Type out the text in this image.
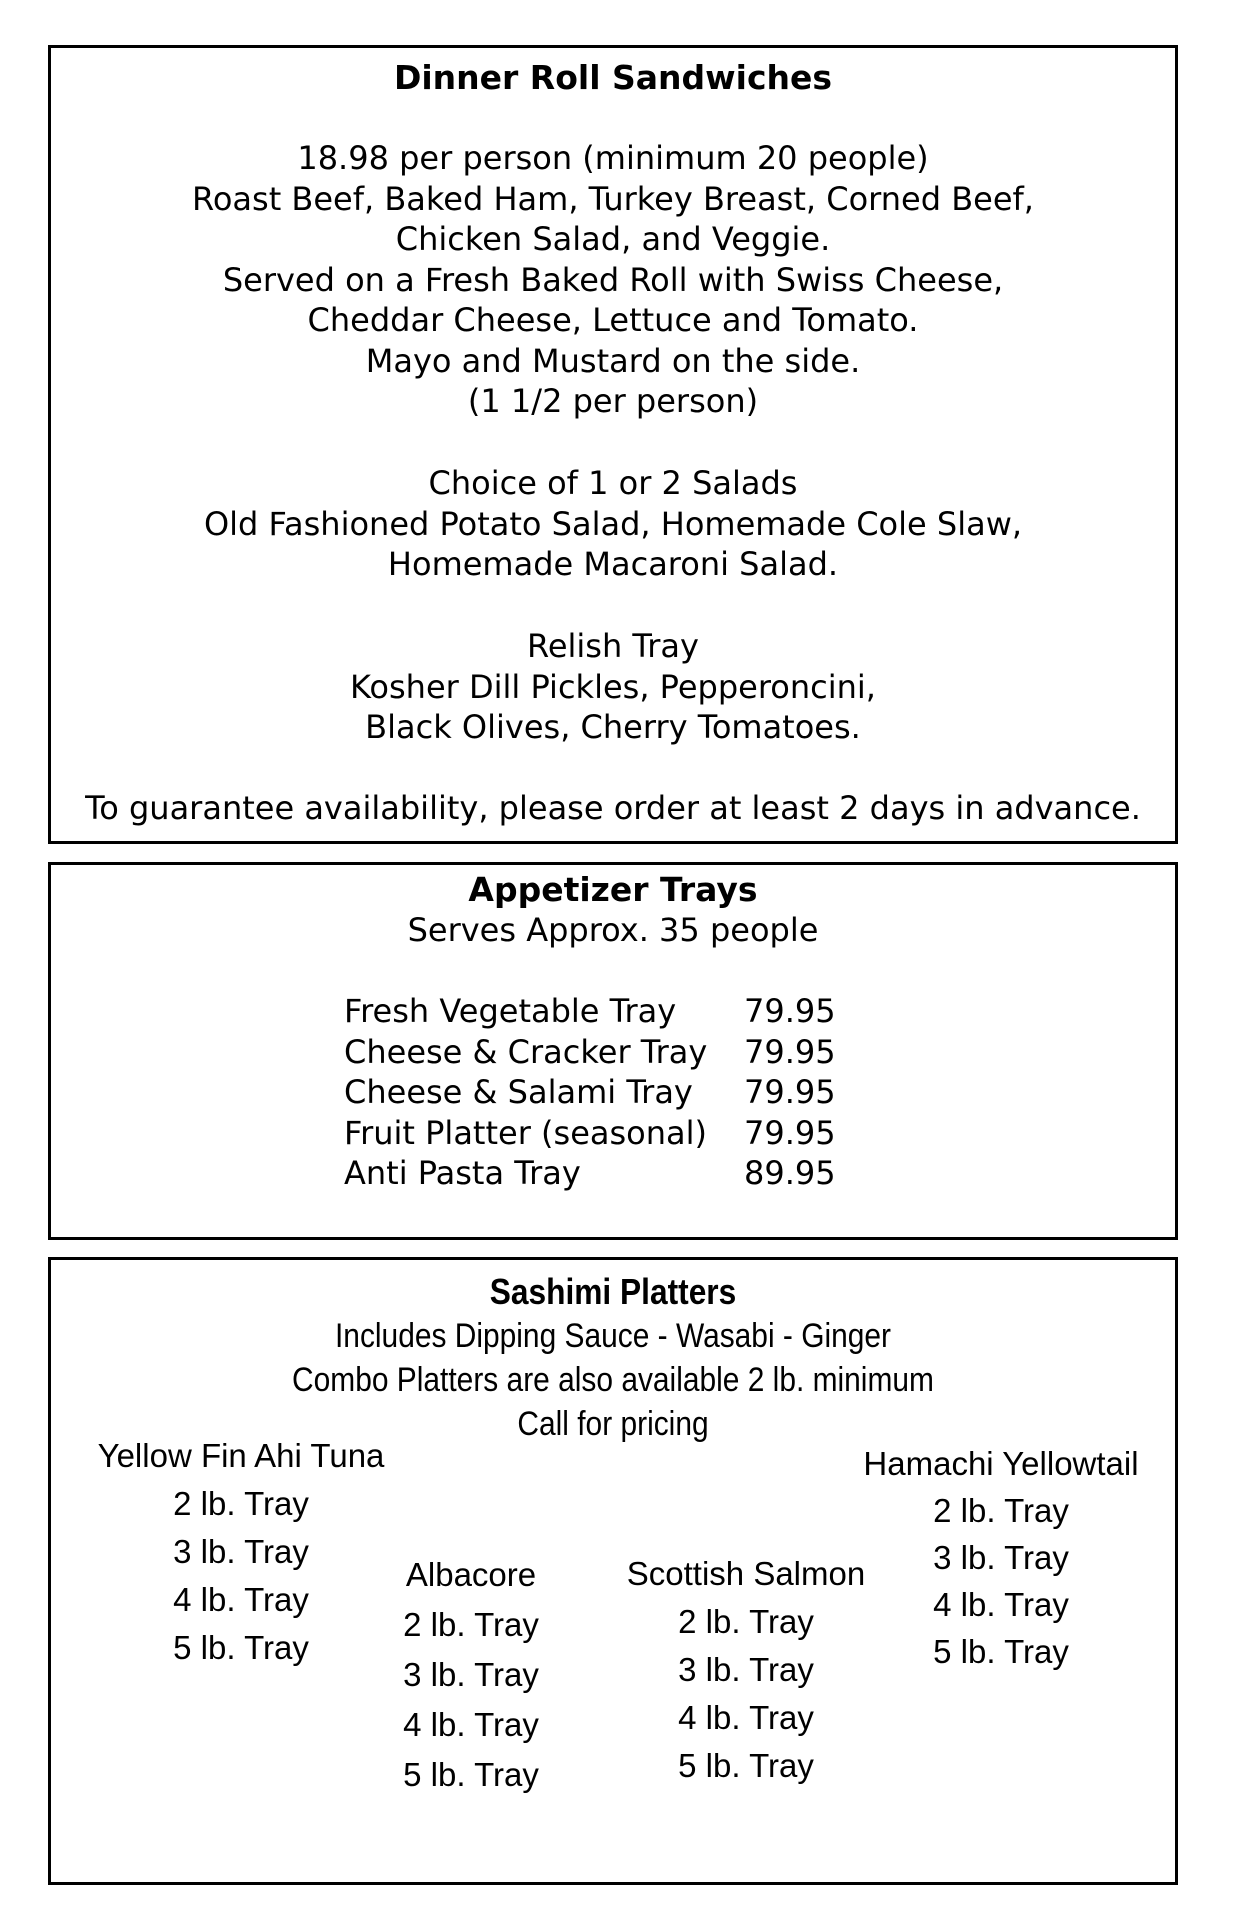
Dinner Roll Sandwiches
18.98 per person (minimum 20 people)
Roast Beef, Baked Ham, Turkey Breast, Corned Beef,
Chicken Salad, and Veggie.
Served on a Fresh Baked Roll with Swiss Cheese,
Cheddar Cheese, Lettuce and Tomato.
Mayo and Mustard on the side.
(1 1/2 per person)
Choice of 1 or 2 Salads
Old Fashioned Potato Salad, Homemade Cole Slaw,
Homemade Macaroni Salad.
Relish Tray
Kosher Dill Pickles, Pepperoncini,
Black Olives, Cherry Tomatoes.
To guarantee availability, please order at least 2 days in advance.
Appetizer Trays
Serves Approx. 35 people
Fresh Vegetable Tray	79.95
Cheese & Cracker Tray	79.95
Cheese & Salami Tray	79.95
Fruit Platter (seasonal)	79.95
Anti Pasta Tray	89.95
Sashimi Platters
Includes Dipping Sauce - Wasabi - Ginger
Combo Platters are also available 2 lb. minimum
Call for pricing
Yellow Fin Ahi Tuna
2 lb. Tray
3 lb. Tray
4 lb. Tray
5 lb. Tray
Albacore
2 lb. Tray
3 lb. Tray
4 lb. Tray
5 lb. Tray
Scottish Salmon
2 lb. Tray
3 lb. Tray
4 lb. Tray
5 lb. Tray
Hamachi Yellowtail
2 lb. Tray
3 lb. Tray
4 lb. Tray
5 lb. Tray
